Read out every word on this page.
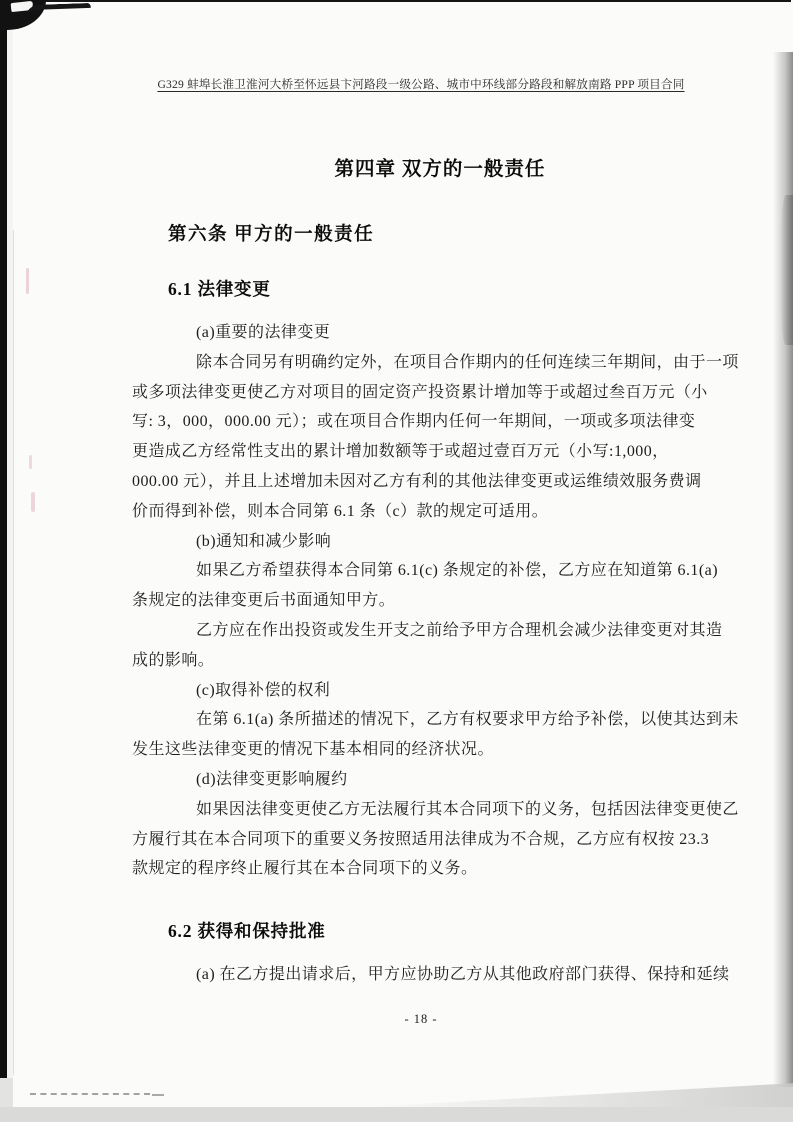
G329 蚌埠长淮卫淮河大桥至怀远县卞河路段一级公路、城市中环线部分路段和解放南路 PPP 项目合同
第四章 双方的一般责任
第六条 甲方的一般责任
6.1 法律变更
(a)重要的法律变更
除本合同另有明确约定外，在项目合作期内的任何连续三年期间，由于一项
或多项法律变更使乙方对项目的固定资产投资累计增加等于或超过叁百万元（小
写: 3，000，000.00 元）；或在项目合作期内任何一年期间，一项或多项法律变
更造成乙方经常性支出的累计增加数额等于或超过壹百万元（小写:1,000，
000.00 元），并且上述增加未因对乙方有利的其他法律变更或运维绩效服务费调
价而得到补偿，则本合同第 6.1 条（c）款的规定可适用。
(b)通知和减少影响
如果乙方希望获得本合同第 6.1(c) 条规定的补偿，乙方应在知道第 6.1(a)
条规定的法律变更后书面通知甲方。
乙方应在作出投资或发生开支之前给予甲方合理机会减少法律变更对其造
成的影响。
(c)取得补偿的权利
在第 6.1(a) 条所描述的情况下，乙方有权要求甲方给予补偿，以使其达到未
发生这些法律变更的情况下基本相同的经济状况。
(d)法律变更影响履约
如果因法律变更使乙方无法履行其本合同项下的义务，包括因法律变更使乙
方履行其在本合同项下的重要义务按照适用法律成为不合规，乙方应有权按 23.3
款规定的程序终止履行其在本合同项下的义务。
6.2 获得和保持批准
(a) 在乙方提出请求后，甲方应协助乙方从其他政府部门获得、保持和延续
- 18 -
